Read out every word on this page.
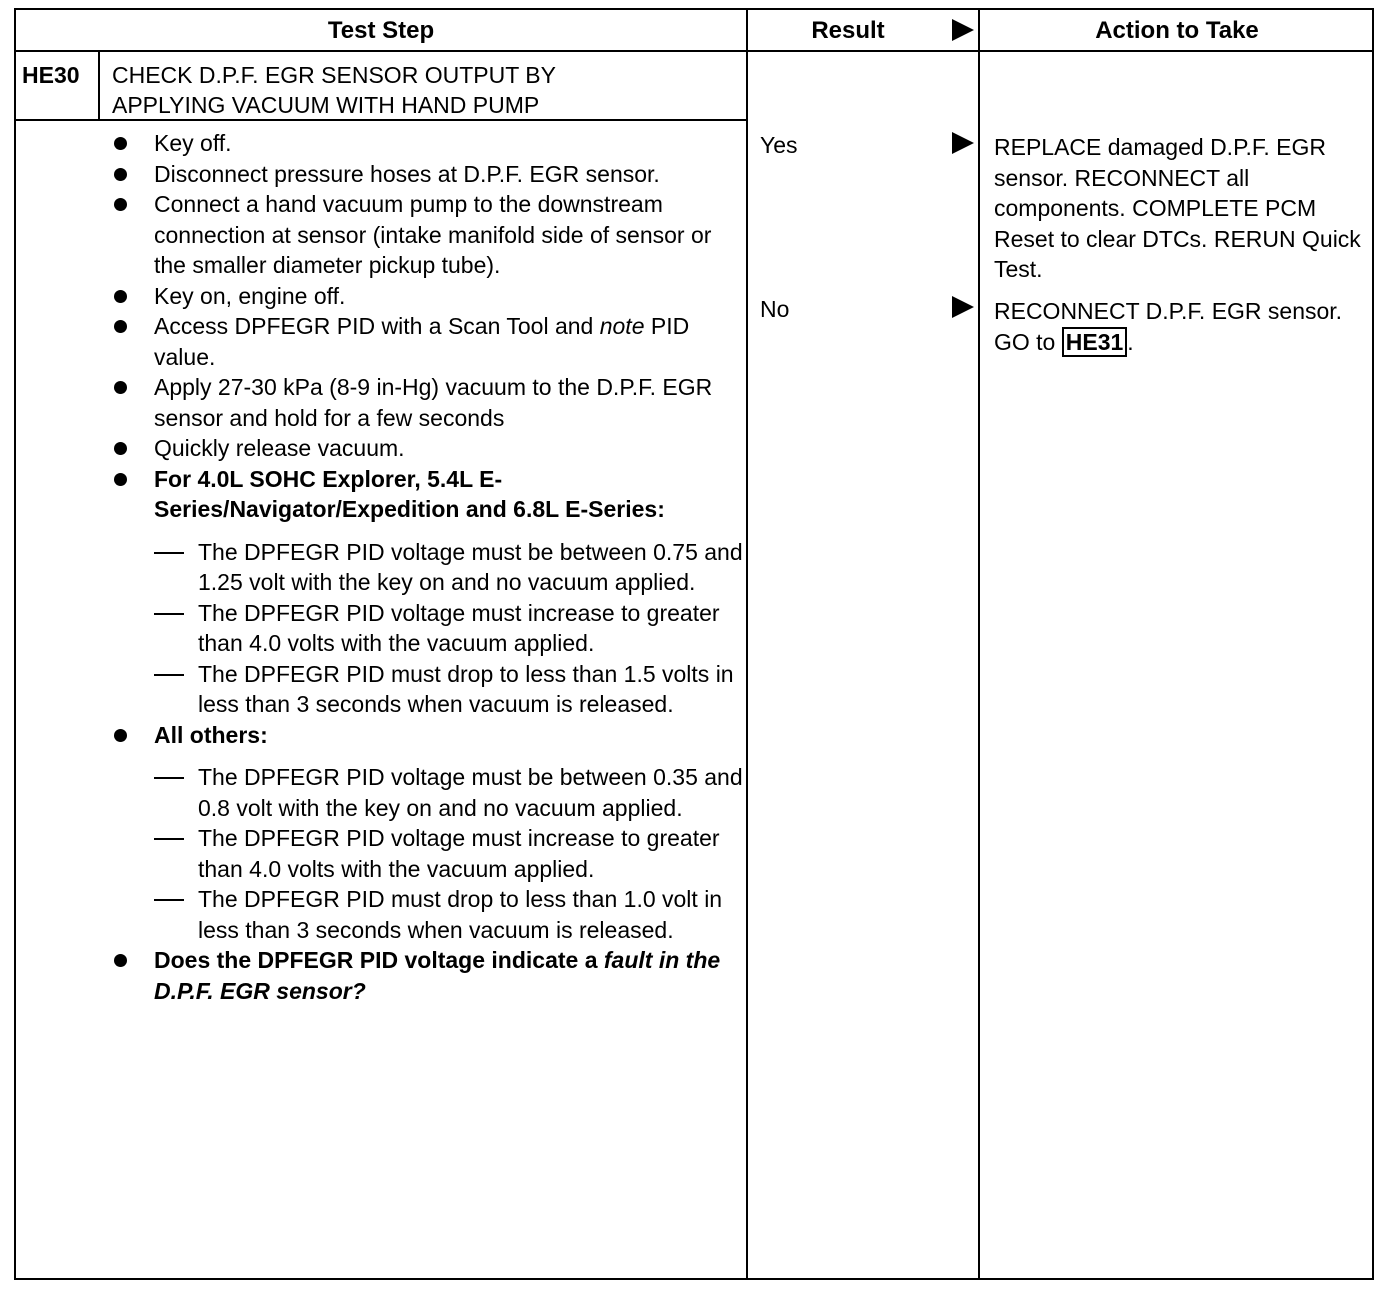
Test Step	Result	Action to Take
HE30 CHECK D.P.F. EGR SENSOR OUTPUT BY
APPLYING VACUUM WITH HAND PUMP
Key off.
Disconnect pressure hoses at D.P.F. EGR sensor.
Connect a hand vacuum pump to the downstream connection at sensor (intake manifold side of sensor or the smaller diameter pickup tube).
Key on, engine off.
Access DPFEGR PID with a Scan Tool and note PID value.
Apply 27-30 kPa (8-9 in-Hg) vacuum to the D.P.F. EGR sensor and hold for a few seconds
Quickly release vacuum.
For 4.0L SOHC Explorer, 5.4L E-Series/Navigator/Expedition and 6.8L E-Series:
The DPFEGR PID voltage must be between 0.75 and 1.25 volt with the key on and no vacuum applied.
The DPFEGR PID voltage must increase to greater than 4.0 volts with the vacuum applied.
The DPFEGR PID must drop to less than 1.5 volts in less than 3 seconds when vacuum is released.
All others:
The DPFEGR PID voltage must be between 0.35 and 0.8 volt with the key on and no vacuum applied.
The DPFEGR PID voltage must increase to greater than 4.0 volts with the vacuum applied.
The DPFEGR PID must drop to less than 1.0 volt in less than 3 seconds when vacuum is released.
Does the DPFEGR PID voltage indicate a fault in the D.P.F. EGR sensor?
Yes
No
REPLACE damaged D.P.F. EGR sensor. RECONNECT all components. COMPLETE PCM Reset to clear DTCs. RERUN Quick Test.
RECONNECT D.P.F. EGR sensor. GO to HE31 .
